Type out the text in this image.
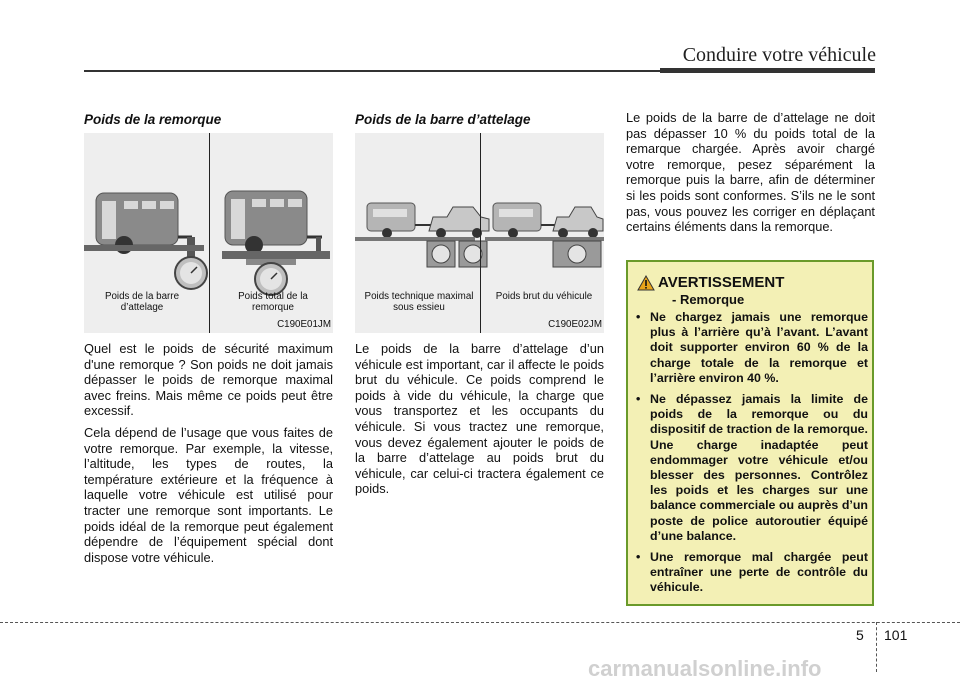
Conduire votre véhicule
Poids de la remorque
Poids de la barre d’attelage
Poids total de la remorque
C190E01JM

Quel est le poids de sécurité maximum d'une remorque ? Son poids ne doit jamais dépasser le poids de remorque maximal avec freins. Mais même ce poids peut être excessif.

Cela dépend de l’usage que vous faites de votre remorque. Par exemple, la vitesse, l’altitude, les types de routes, la température extérieure et la fréquence à laquelle votre véhicule est utilisé pour tracter une remorque sont importants. Le poids idéal de la remorque peut également dépendre de l’équipement spécial dont dispose votre véhicule.

Poids de la barre d’attelage
Poids technique maximal sous essieu
Poids brut du véhicule
C190E02JM

Le poids de la barre d’attelage d’un véhicule est important, car il affecte le poids brut du véhicule. Ce poids comprend le poids à vide du véhicule, la charge que vous transportez et les occupants du véhicule. Si vous tractez une remorque, vous devez également ajouter le poids de la barre d’attelage au poids brut du véhicule, car celui-ci tractera également ce poids.

Le poids de la barre de d’attelage ne doit pas dépasser 10 % du poids total de la remarque chargée. Après avoir chargé votre remorque, pesez séparément la remorque puis la barre, afin de déterminer si les poids sont conformes. S’ils ne le sont pas, vous pouvez les corriger en déplaçant certains éléments dans la remorque.

AVERTISSEMENT
- Remorque
• Ne chargez jamais une remorque plus à l’arrière qu’à l’avant. L’avant doit supporter environ 60 % de la charge totale de la remorque et l’arrière environ 40 %.
• Ne dépassez jamais la limite de poids de la remorque ou du dispositif de traction de la remorque. Une charge inadaptée peut endommager votre véhicule et/ou blesser des personnes. Contrôlez les poids et les charges sur une balance commerciale ou auprès d’un poste de police autoroutier équipé d’une balance.
• Une remorque mal chargée peut entraîner une perte de contrôle du véhicule.
5 101
carmanualsonline.info
